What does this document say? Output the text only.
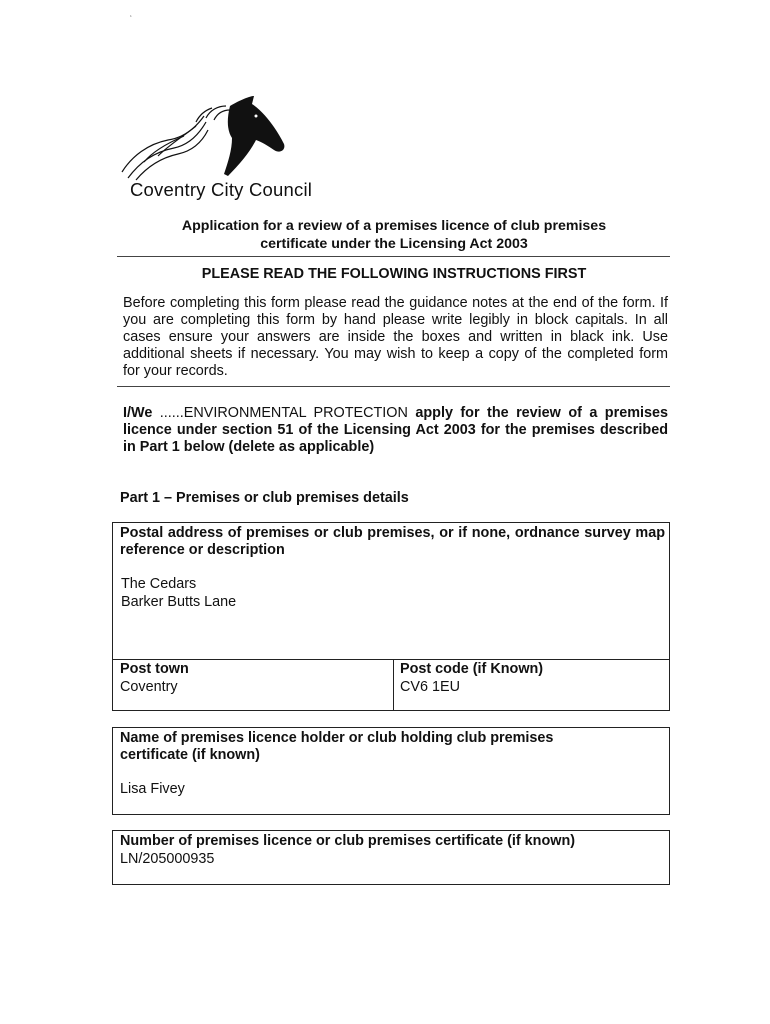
‘
Coventry City Council
Application for a review of a premises licence of club premises
certificate under the Licensing Act 2003
PLEASE READ THE FOLLOWING INSTRUCTIONS FIRST
Before completing this form please read the guidance notes at the end of the form. If you are completing this form by hand please write legibly in block capitals. In all cases ensure your answers are inside the boxes and written in black ink. Use additional sheets if necessary. You may wish to keep a copy of the completed form for your records.
I/We ......ENVIRONMENTAL PROTECTION apply for the review of a premises licence under section 51 of the Licensing Act 2003 for the premises described in Part 1 below (delete as applicable)
Part 1 – Premises or club premises details
Postal address of premises or club premises, or if none, ordnance survey map reference or description
The Cedars
Barker Butts Lane
Post town
Coventry
Post code (if Known)
CV6 1EU
Name of premises licence holder or club holding club premises certificate (if known)
Lisa Fivey
Number of premises licence or club premises certificate (if known)
LN/205000935
